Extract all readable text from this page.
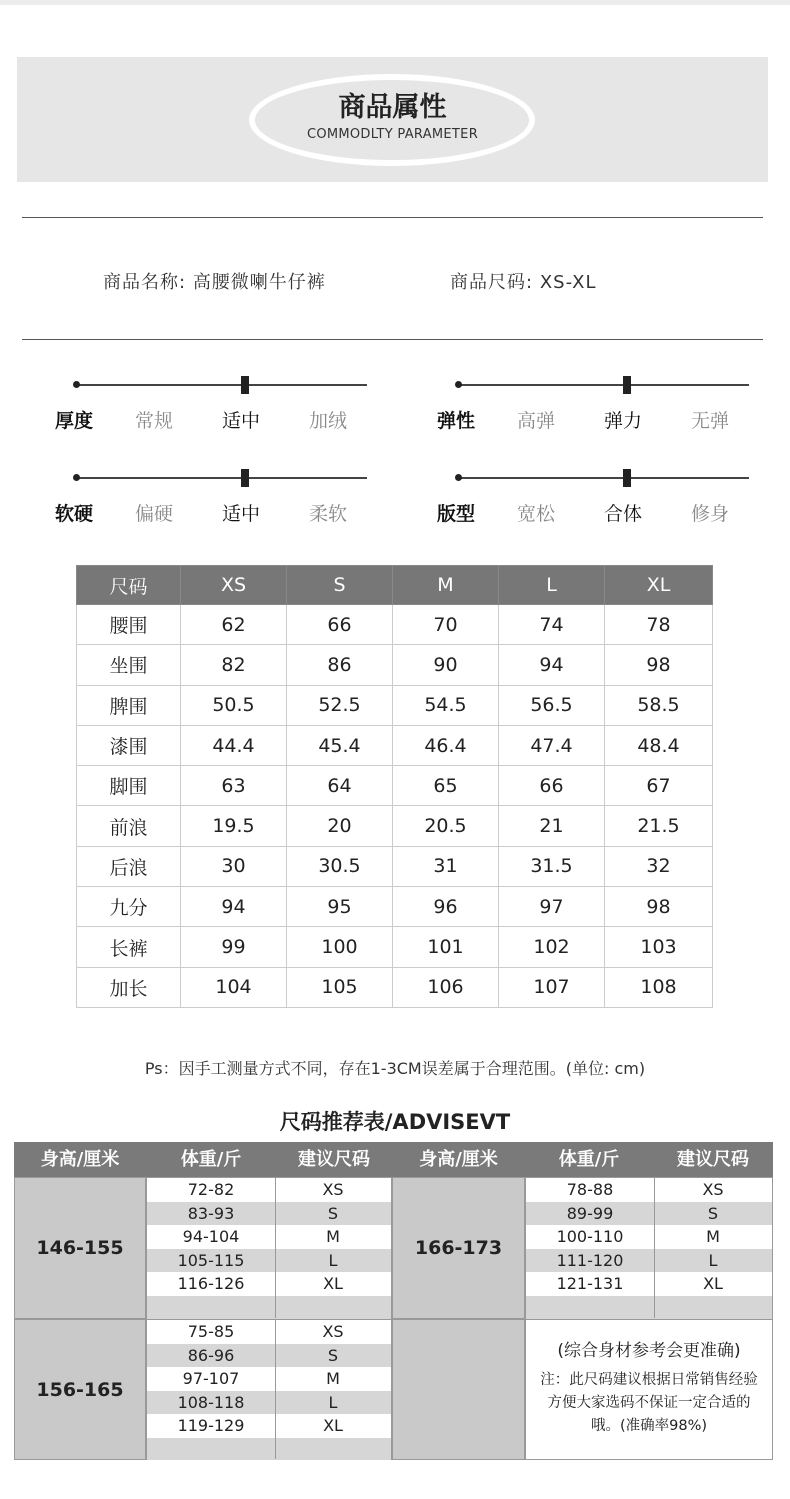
商品属性
COMMODLTY PARAMETER
商品名称: 高腰微喇牛仔裤	商品尺码: XS-XL
厚度 常规	适中	加绒	弹性 高弹	弹力	无弹
软硬 偏硬	适中	柔软	版型 宽松	合体	修身
尺码	XS	S	M	L	XL
腰围	62	66	70	74	78
坐围	82	86	90	94	98
脾围	50.5	52.5	54.5	56.5	58.5
漆围	44.4	45.4	46.4	47.4	48.4
脚围	63	64	65	66	67
前浪	19.5	20	20.5	21	21.5
后浪	30	30.5	31	31.5	32
九分	94	95	96	97	98
长裤	99	100	101	102	103
加长	104	105	106	107	108
Ps：因手工测量方式不同，存在1-3CM误差属于合理范围。(单位: cm)
尺码推荐表/ADVISEVT
身高/厘米	体重/斤	建议尺码	身高/厘米	体重/斤	建议尺码
146-155
72-82	XS
83-93	S
94-104	M
105-115	L
116-126	XL
166-173
78-88	XS
89-99	S
100-110	M
111-120	L
121-131	XL
156-165
75-85	XS
86-96	S
97-107	M
108-118	L
119-129	XL
(综合身材参考会更准确)
注：此尺码建议根据日常销售经验方便大家选码不保证一定合适的哦。(准确率98%)
